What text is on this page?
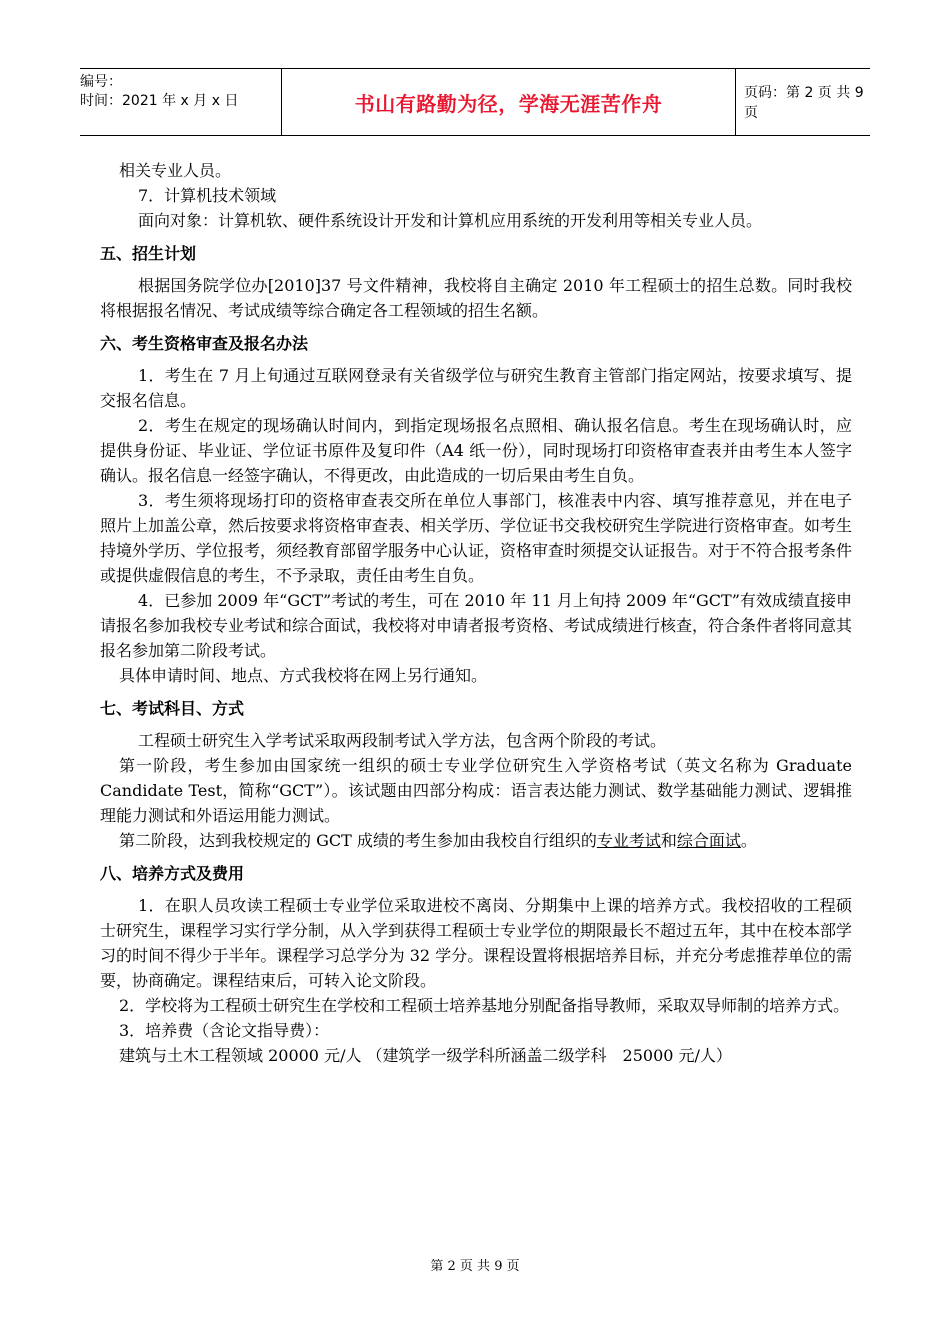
编号：
时间：2021 年 x 月 x 日	书山有路勤为径，学海无涯苦作舟	页码：第 2 页 共 9 页

相关专业人员。

7．计算机技术领域

面向对象：计算机软、硬件系统设计开发和计算机应用系统的开发利用等相关专业人员。

五、招生计划

根据国务院学位办[2010]37 号文件精神，我校将自主确定 2010 年工程硕士的招生总数。同时我校将根据报名情况、考试成绩等综合确定各工程领域的招生名额。

六、考生资格审查及报名办法

1．考生在 7 月上旬通过互联网登录有关省级学位与研究生教育主管部门指定网站，按要求填写、提交报名信息。

2．考生在规定的现场确认时间内，到指定现场报名点照相、确认报名信息。考生在现场确认时，应提供身份证、毕业证、学位证书原件及复印件（A4 纸一份），同时现场打印资格审查表并由考生本人签字确认。报名信息一经签字确认，不得更改，由此造成的一切后果由考生自负。

3．考生须将现场打印的资格审查表交所在单位人事部门，核准表中内容、填写推荐意见，并在电子照片上加盖公章，然后按要求将资格审查表、相关学历、学位证书交我校研究生学院进行资格审查。如考生持境外学历、学位报考，须经教育部留学服务中心认证，资格审查时须提交认证报告。对于不符合报考条件或提供虚假信息的考生，不予录取，责任由考生自负。

4．已参加 2009 年“GCT”考试的考生，可在 2010 年 11 月上旬持 2009 年“GCT”有效成绩直接申请报名参加我校专业考试和综合面试，我校将对申请者报考资格、考试成绩进行核查，符合条件者将同意其报名参加第二阶段考试。

具体申请时间、地点、方式我校将在网上另行通知。

七、考试科目、方式

工程硕士研究生入学考试采取两段制考试入学方法，包含两个阶段的考试。

第一阶段，考生参加由国家统一组织的硕士专业学位研究生入学资格考试（英文名称为 Graduate Candidate Test，简称“GCT”）。该试题由四部分构成：语言表达能力测试、数学基础能力测试、逻辑推理能力测试和外语运用能力测试。

第二阶段，达到我校规定的 GCT 成绩的考生参加由我校自行组织的专业考试和综合面试。

八、培养方式及费用

1．在职人员攻读工程硕士专业学位采取进校不离岗、分期集中上课的培养方式。我校招收的工程硕士研究生，课程学习实行学分制，从入学到获得工程硕士专业学位的期限最长不超过五年，其中在校本部学习的时间不得少于半年。课程学习总学分为 32 学分。课程设置将根据培养目标，并充分考虑推荐单位的需要，协商确定。课程结束后，可转入论文阶段。

2．学校将为工程硕士研究生在学校和工程硕士培养基地分别配备指导教师，采取双导师制的培养方式。

3．培养费（含论文指导费）：

建筑与土木工程领域 20000 元/人 （建筑学一级学科所涵盖二级学科　25000 元/人）

第 2 页 共 9 页
